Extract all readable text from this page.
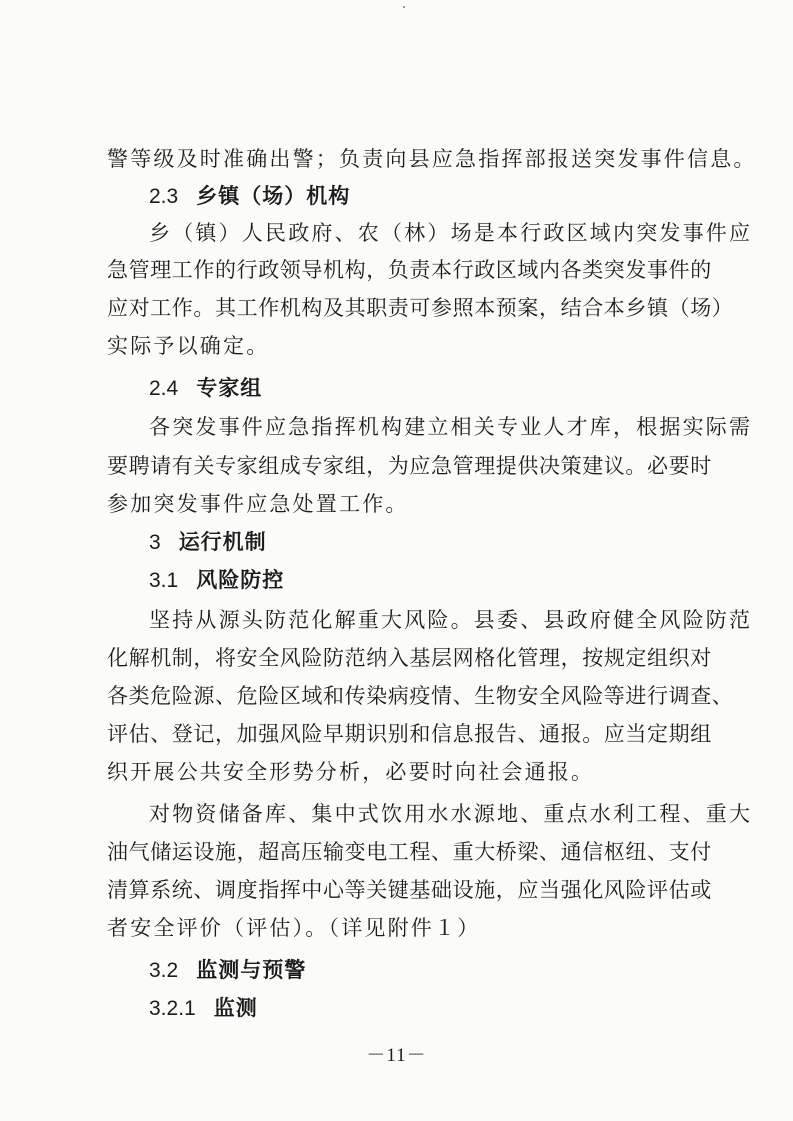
警等级及时准确出警；负责向县应急指挥部报送突发事件信息。
2.3 乡镇（场）机构
乡（镇）人民政府、农（林）场是本行政区域内突发事件应
急管理工作的行政领导机构，负责本行政区域内各类突发事件的
应对工作。其工作机构及其职责可参照本预案，结合本乡镇（场）
实际予以确定。
2.4 专家组
各突发事件应急指挥机构建立相关专业人才库，根据实际需
要聘请有关专家组成专家组，为应急管理提供决策建议。必要时
参加突发事件应急处置工作。
3 运行机制
3.1 风险防控
坚持从源头防范化解重大风险。县委、县政府健全风险防范
化解机制，将安全风险防范纳入基层网格化管理，按规定组织对
各类危险源、危险区域和传染病疫情、生物安全风险等进行调查、
评估、登记，加强风险早期识别和信息报告、通报。应当定期组
织开展公共安全形势分析，必要时向社会通报。
对物资储备库、集中式饮用水水源地、重点水利工程、重大
油气储运设施，超高压输变电工程、重大桥梁、通信枢纽、支付
清算系统、调度指挥中心等关键基础设施，应当强化风险评估或
者安全评价（评估）。（详见附件１）
3.2 监测与预警
3.2.1 监测
－11－
